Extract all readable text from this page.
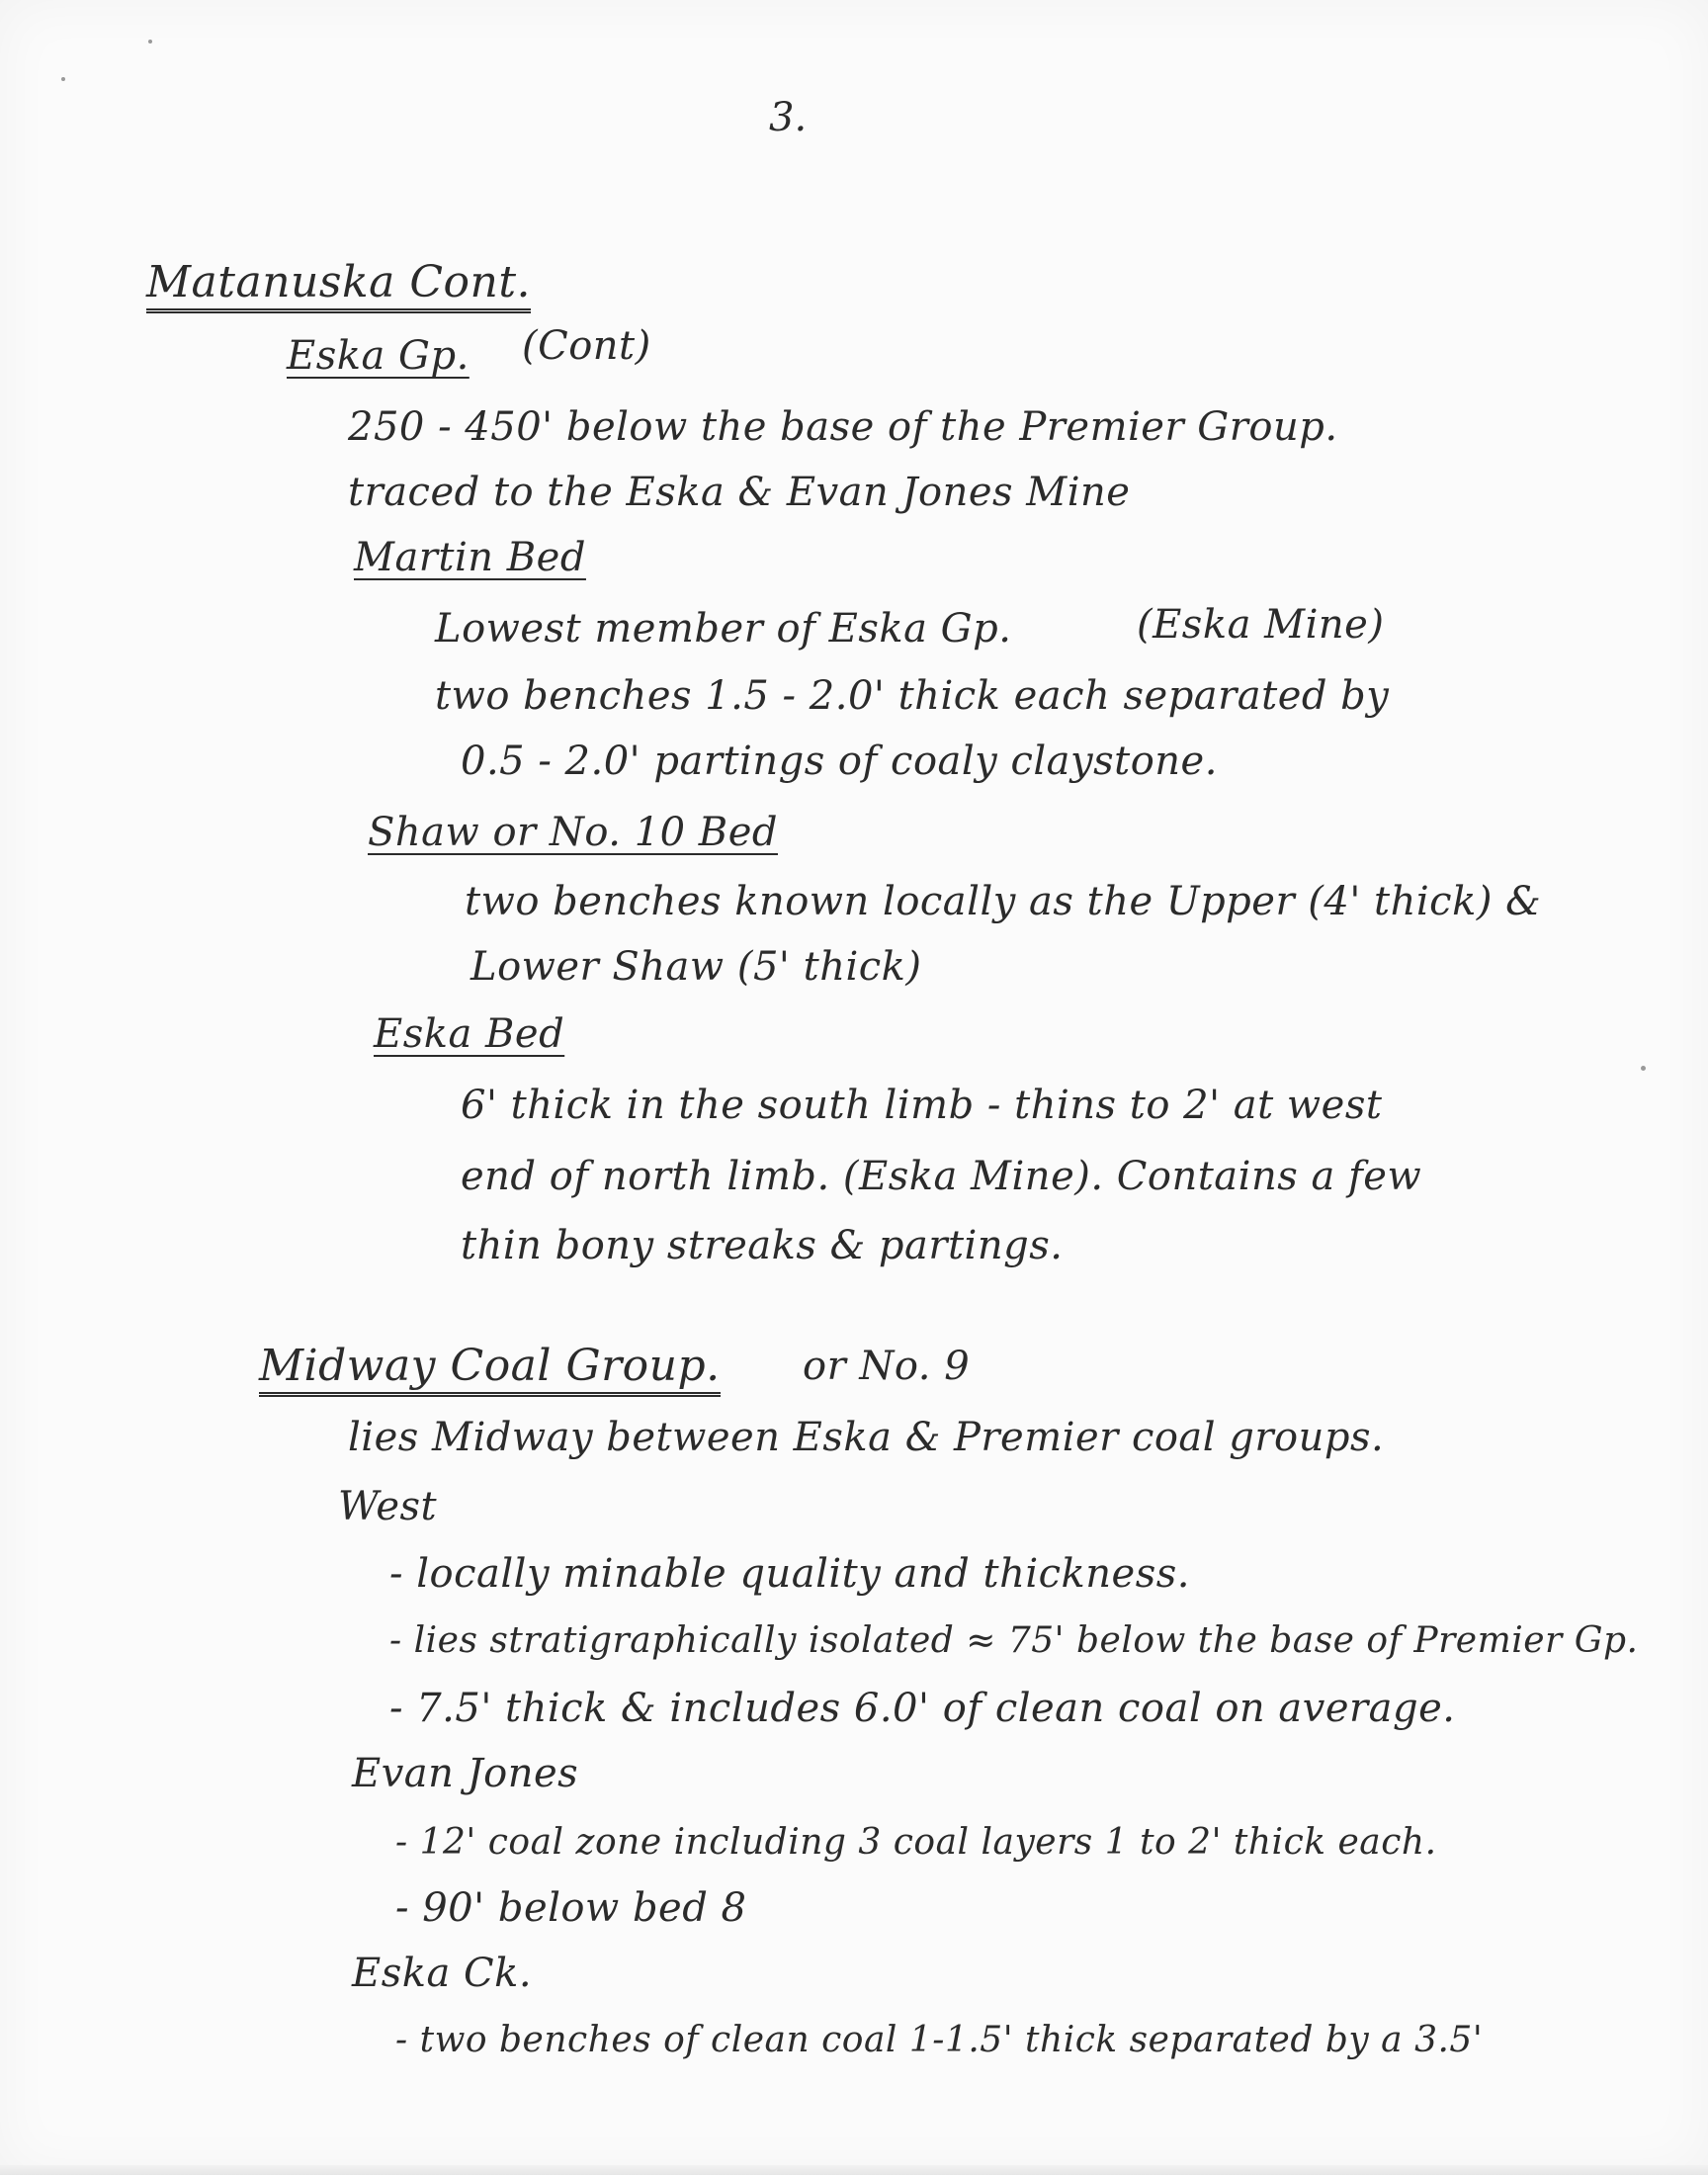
3.
Matanuska Cont.
Eska Gp. (Cont)
250 - 450' below the base of the Premier Group.
traced to the Eska & Evan Jones Mine
Martin Bed
Lowest member of Eska Gp.	(Eska Mine)
two benches 1.5 - 2.0' thick each separated by
0.5 - 2.0' partings of coaly claystone.
Shaw or No. 10 Bed
two benches known locally as the Upper (4' thick) &
Lower Shaw (5' thick)
Eska Bed
6' thick in the south limb - thins to 2' at west
end of north limb. (Eska Mine). Contains a few
thin bony streaks & partings.
Midway Coal Group. or No. 9
lies Midway between Eska & Premier coal groups.
West
- locally minable quality and thickness.
- lies stratigraphically isolated ≈ 75' below the base of Premier Gp.
- 7.5' thick & includes 6.0' of clean coal on average.
Evan Jones
- 12' coal zone including 3 coal layers 1 to 2' thick each.
- 90' below bed 8
Eska Ck.
- two benches of clean coal 1-1.5' thick separated by a 3.5'
